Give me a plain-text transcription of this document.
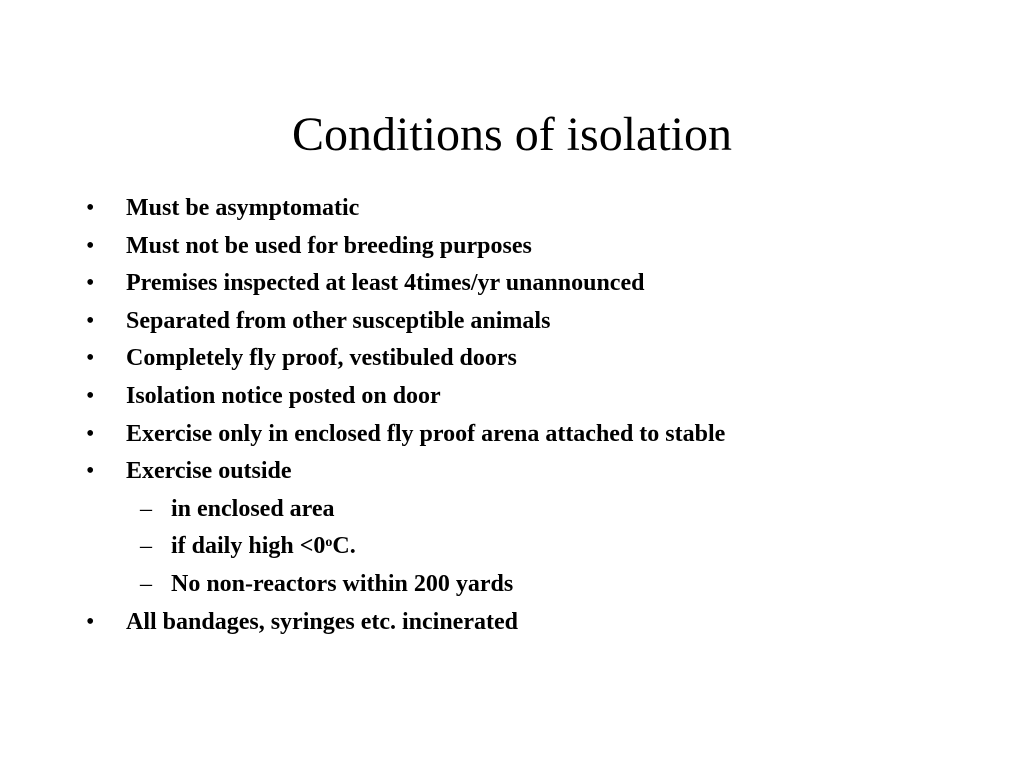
Conditions of isolation
• Must be asymptomatic
• Must not be used for breeding purposes
• Premises inspected at least 4times/yr unannounced
• Separated from other susceptible animals
• Completely fly proof, vestibuled doors
• Isolation notice posted on door
• Exercise only in enclosed fly proof arena attached to stable
• Exercise outside
– in enclosed area
– if daily high $<0^oC$.
– No non-reactors within 200 yards
• All bandages, syringes etc. incinerated
